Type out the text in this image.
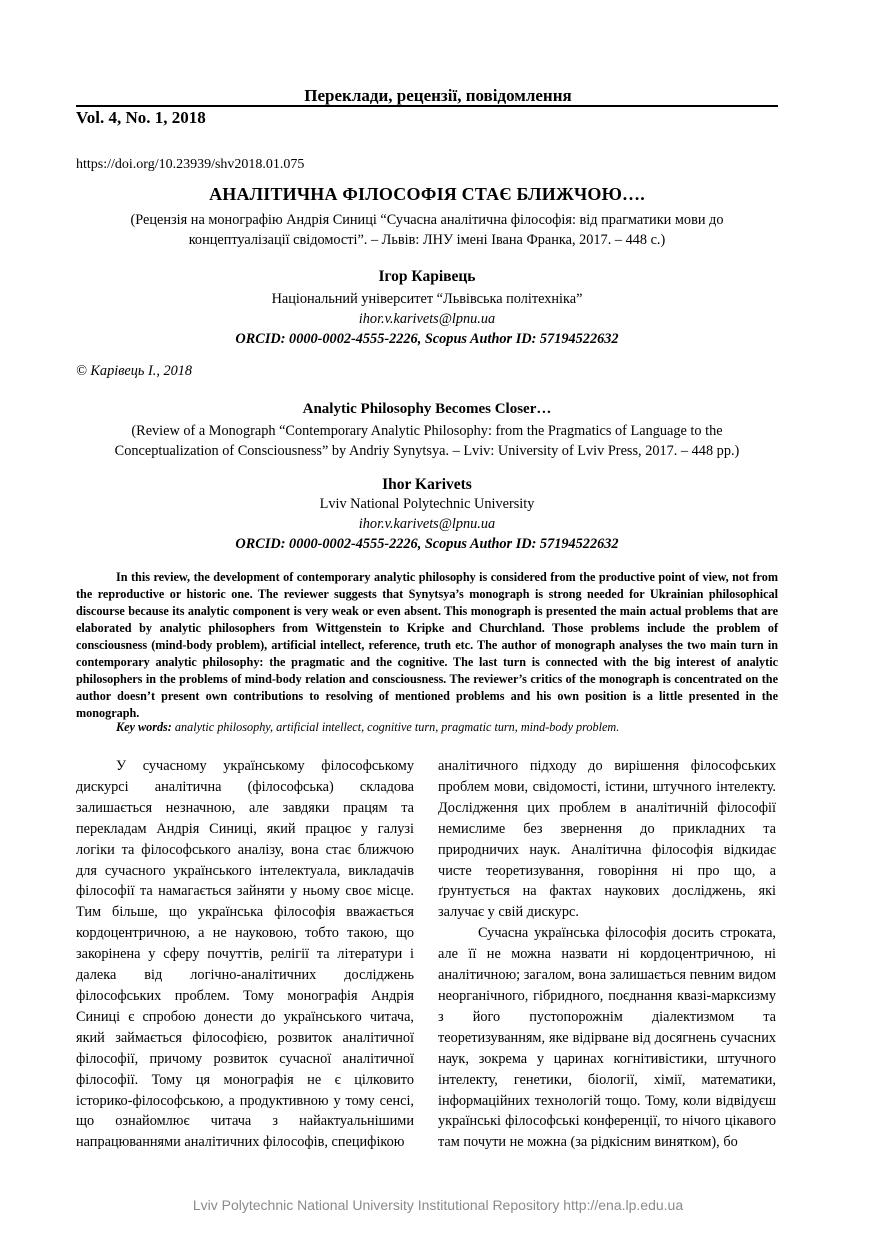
Переклади, рецензії, повідомлення
Vol. 4, No. 1, 2018
https://doi.org/10.23939/shv2018.01.075
АНАЛІТИЧНА ФІЛОСОФІЯ СТАЄ БЛИЖЧОЮ….
(Рецензія на монографію Андрія Синиці “Сучасна аналітична філософія: від прагматики мови до
концептуалізації свідомості”. – Львів: ЛНУ імені Івана Франка, 2017. – 448 с.)
Ігор Карівець
Національний університет “Львівська політехніка”
ihor.v.karivets@lpnu.ua
ORCID: 0000-0002-4555-2226, Scopus Author ID: 57194522632
© Карівець І., 2018
Analytic Philosophy Becomes Closer…
(Review of a Monograph “Contemporary Analytic Philosophy: from the Pragmatics of Language to the
Conceptualization of Consciousness” by Andriy Synytsya. – Lviv: University of Lviv Press, 2017. – 448 pp.)
Ihor Karivets
Lviv National Polytechnic University
ihor.v.karivets@lpnu.ua
ORCID: 0000-0002-4555-2226, Scopus Author ID: 57194522632
In this review, the development of contemporary analytic philosophy is considered from the productive point of view, not from the reproductive or historic one. The reviewer suggests that Synytsya’s monograph is strong needed for Ukrainian philosophical discourse because its analytic component is very weak or even absent. This monograph is presented the main actual problems that are elaborated by analytic philosophers from Wittgenstein to Kripke and Churchland. Those problems include the problem of consciousness (mind-body problem), artificial intellect, reference, truth etc. The author of monograph analyses the two main turn in contemporary analytic philosophy: the pragmatic and the cognitive. The last turn is connected with the big interest of analytic philosophers in the problems of mind-body relation and consciousness. The reviewer’s critics of the monograph is concentrated on the author doesn’t present own contributions to resolving of mentioned problems and his own position is a little presented in the monograph.
Key words: analytic philosophy, artificial intellect, cognitive turn, pragmatic turn, mind-body problem.

У сучасному українському філософському дискурсі аналітична (філософська) складова залишається незначною, але завдяки працям та перекладам Андрія Синиці, який працює у галузі логіки та філософського аналізу, вона стає ближчою для сучасного українського інтелектуала, викладачів філософії та намагається зайняти у ньому своє місце. Тим більше, що українська філософія вважається кордоцентричною, а не науковою, тобто такою, що закорінена у сферу почуттів, релігії та літератури і далека від логічно-аналітичних досліджень філософських проблем. Тому монографія Андрія Синиці є спробою донести до українського читача, який займається філософією, розвиток аналітичної філософії, причому розвиток сучасної аналітичної філософії. Тому ця монографія не є цілковито історико-філософською, а продуктивною у тому сенсі, що ознайомлює читача з найактуальнішими напрацюваннями аналітичних філософів, специфікою

аналітичного підходу до вирішення філософських проблем мови, свідомості, істини, штучного інтелекту. Дослідження цих проблем в аналітичній філософії немислиме без звернення до прикладних та природничих наук. Аналітична філософія відкидає чисте теоретизування, говоріння ні про що, а ґрунтується на фактах наукових досліджень, які залучає у свій дискурс.

Сучасна українська філософія досить строката, але її не можна назвати ні кордоцентричною, ні аналітичною; загалом, вона залишається певним видом неорганічного, гібридного, поєднання квазі-марксизму з його пустопорожнім діалектизмом та теоретизуванням, яке відірване від досягнень сучасних наук, зокрема у царинах когнітивістики, штучного інтелекту, генетики, біології, хімії, математики, інформаційних технологій тощо. Тому, коли відвідуєш українські філософські конференції, то нічого цікавого там почути не можна (за рідкісним винятком), бо

Lviv Polytechnic National University Institutional Repository http://ena.lp.edu.ua
